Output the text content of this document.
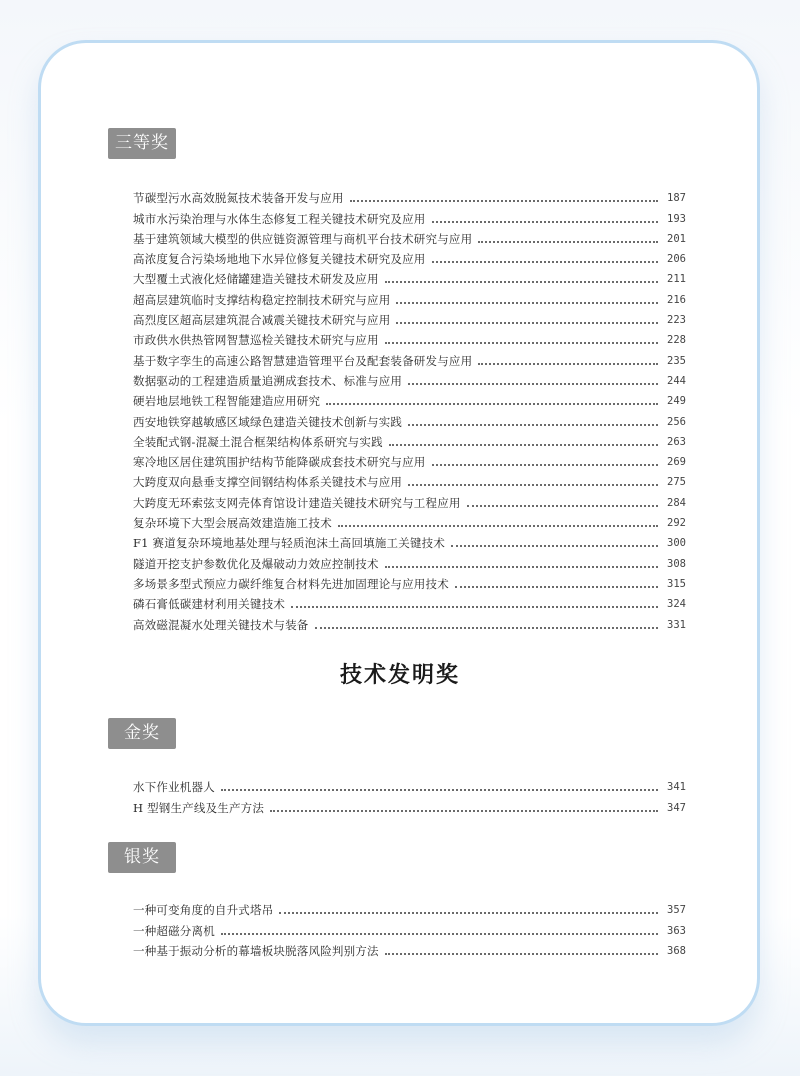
三等奖
节碳型污水高效脱氮技术装备开发与应用	187
城市水污染治理与水体生态修复工程关键技术研究及应用	193
基于建筑领域大模型的供应链资源管理与商机平台技术研究与应用	201
高浓度复合污染场地地下水异位修复关键技术研究及应用	206
大型覆土式液化烃储罐建造关键技术研发及应用	211
超高层建筑临时支撑结构稳定控制技术研究与应用	216
高烈度区超高层建筑混合减震关键技术研究与应用	223
市政供水供热管网智慧巡检关键技术研究与应用	228
基于数字孪生的高速公路智慧建造管理平台及配套装备研发与应用	235
数据驱动的工程建造质量追溯成套技术、标准与应用	244
硬岩地层地铁工程智能建造应用研究	249
西安地铁穿越敏感区域绿色建造关键技术创新与实践	256
全装配式钢-混凝土混合框架结构体系研究与实践	263
寒冷地区居住建筑围护结构节能降碳成套技术研究与应用	269
大跨度双向悬垂支撑空间钢结构体系关键技术与应用	275
大跨度无环索弦支网壳体育馆设计建造关键技术研究与工程应用	284
复杂环境下大型会展高效建造施工技术	292
F1 赛道复杂环境地基处理与轻质泡沫土高回填施工关键技术	300
隧道开挖支护参数优化及爆破动力效应控制技术	308
多场景多型式预应力碳纤维复合材料先进加固理论与应用技术	315
磷石膏低碳建材利用关键技术	324
高效磁混凝水处理关键技术与装备	331
技术发明奖
金奖
水下作业机器人	341
H 型钢生产线及生产方法	347
银奖
一种可变角度的自升式塔吊	357
一种超磁分离机	363
一种基于振动分析的幕墙板块脱落风险判别方法	368
